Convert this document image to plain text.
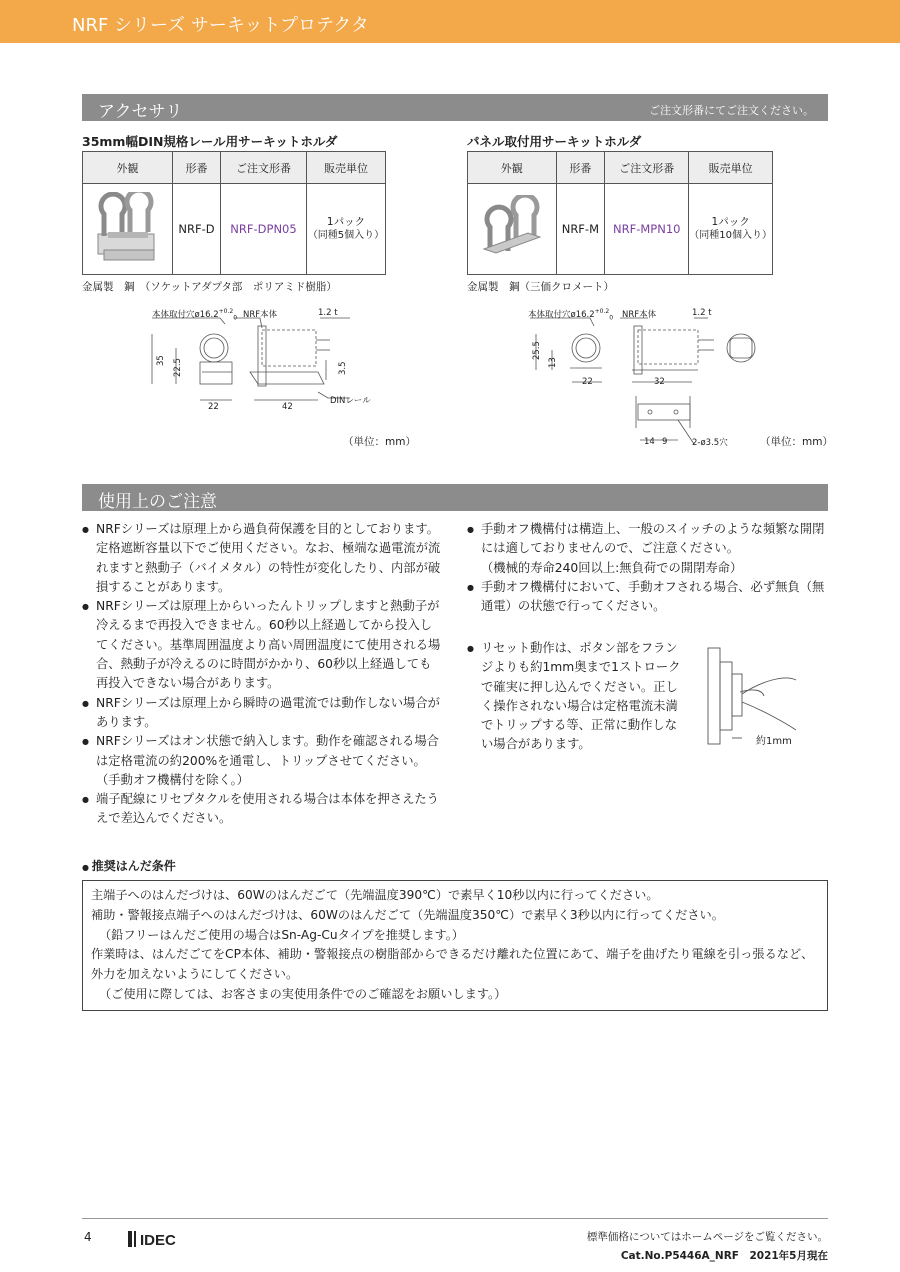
NRF シリーズ サーキットプロテクタ
アクセサリ	ご注文形番にてご注文ください。
35mm幅DIN規格レール用サーキットホルダ	パネル取付用サーキットホルダ
外観	形番	ご注文形番	販売単位
	NRF-D	NRF-DPN05	1パック
（同種5個入り）
外観	形番	ご注文形番	販売単位
	NRF-M	NRF-MPN10	1パック
（同種10個入り）
金属製　鋼　（ソケットアダプタ部　ポリアミド樹脂）	金属製　鋼（三価クロメート）
本体取付穴$ø16.2^{+0.2}_0$ NRF本体	1.2 t
35 22.5
22	42
3.5
DINレール
（単位：mm）
本体取付穴$ø16.2^{+0.2}_0$ NRF本体	1.2 t
25.5
13
22	32
14 9	2-ø3.5穴	（単位：mm）
使用上のご注意
● NRFシリーズは原理上から過負荷保護を目的としております。定格遮断容量以下でご使用ください。なお、極端な過電流が流れますと熱動子（バイメタル）の特性が変化したり、内部が破損することがあります。
● NRFシリーズは原理上からいったんトリップしますと熱動子が冷えるまで再投入できません。60秒以上経過してから投入してください。基準周囲温度より高い周囲温度にて使用される場合、熱動子が冷えるのに時間がかかり、60秒以上経過しても再投入できない場合があります。
● NRFシリーズは原理上から瞬時の過電流では動作しない場合があります。
● NRFシリーズはオン状態で納入します。動作を確認される場合は定格電流の約200%を通電し、トリップさせてください。
（手動オフ機構付を除く。）
● 端子配線にリセプタクルを使用される場合は本体を押さえたうえで差込んでください。
● 手動オフ機構付は構造上、一般のスイッチのような頻繁な開閉には適しておりませんので、ご注意ください。
（機械的寿命240回以上:無負荷での開閉寿命）
● 手動オフ機構付において、手動オフされる場合、必ず無負（無通電）の状態で行ってください。
● リセット動作は、ボタン部をフランジよりも約1mm奥まで1ストロークで確実に押し込んでください。正しく操作されない場合は定格電流未満でトリップする等、正常に動作しない場合があります。	約1mm
● 推奨はんだ条件

主端子へのはんだづけは、60Wのはんだごて（先端温度390℃）で素早く10秒以内に行ってください。

補助・警報接点端子へのはんだづけは、60Wのはんだごて（先端温度350℃）で素早く3秒以内に行ってください。

（鉛フリーはんだご使用の場合はSn-Ag-Cuタイプを推奨します。）

作業時は、はんだごてをCP本体、補助・警報接点の樹脂部からできるだけ離れた位置にあて、端子を曲げたり電線を引っ張るなど、

外力を加えないようにしてください。

（ご使用に際しては、お客さまの実使用条件でのご確認をお願いします。）

4	IDEC	標準価格についてはホームページをご覧ください。
Cat.No.P5446A_NRF　2021年5月現在
